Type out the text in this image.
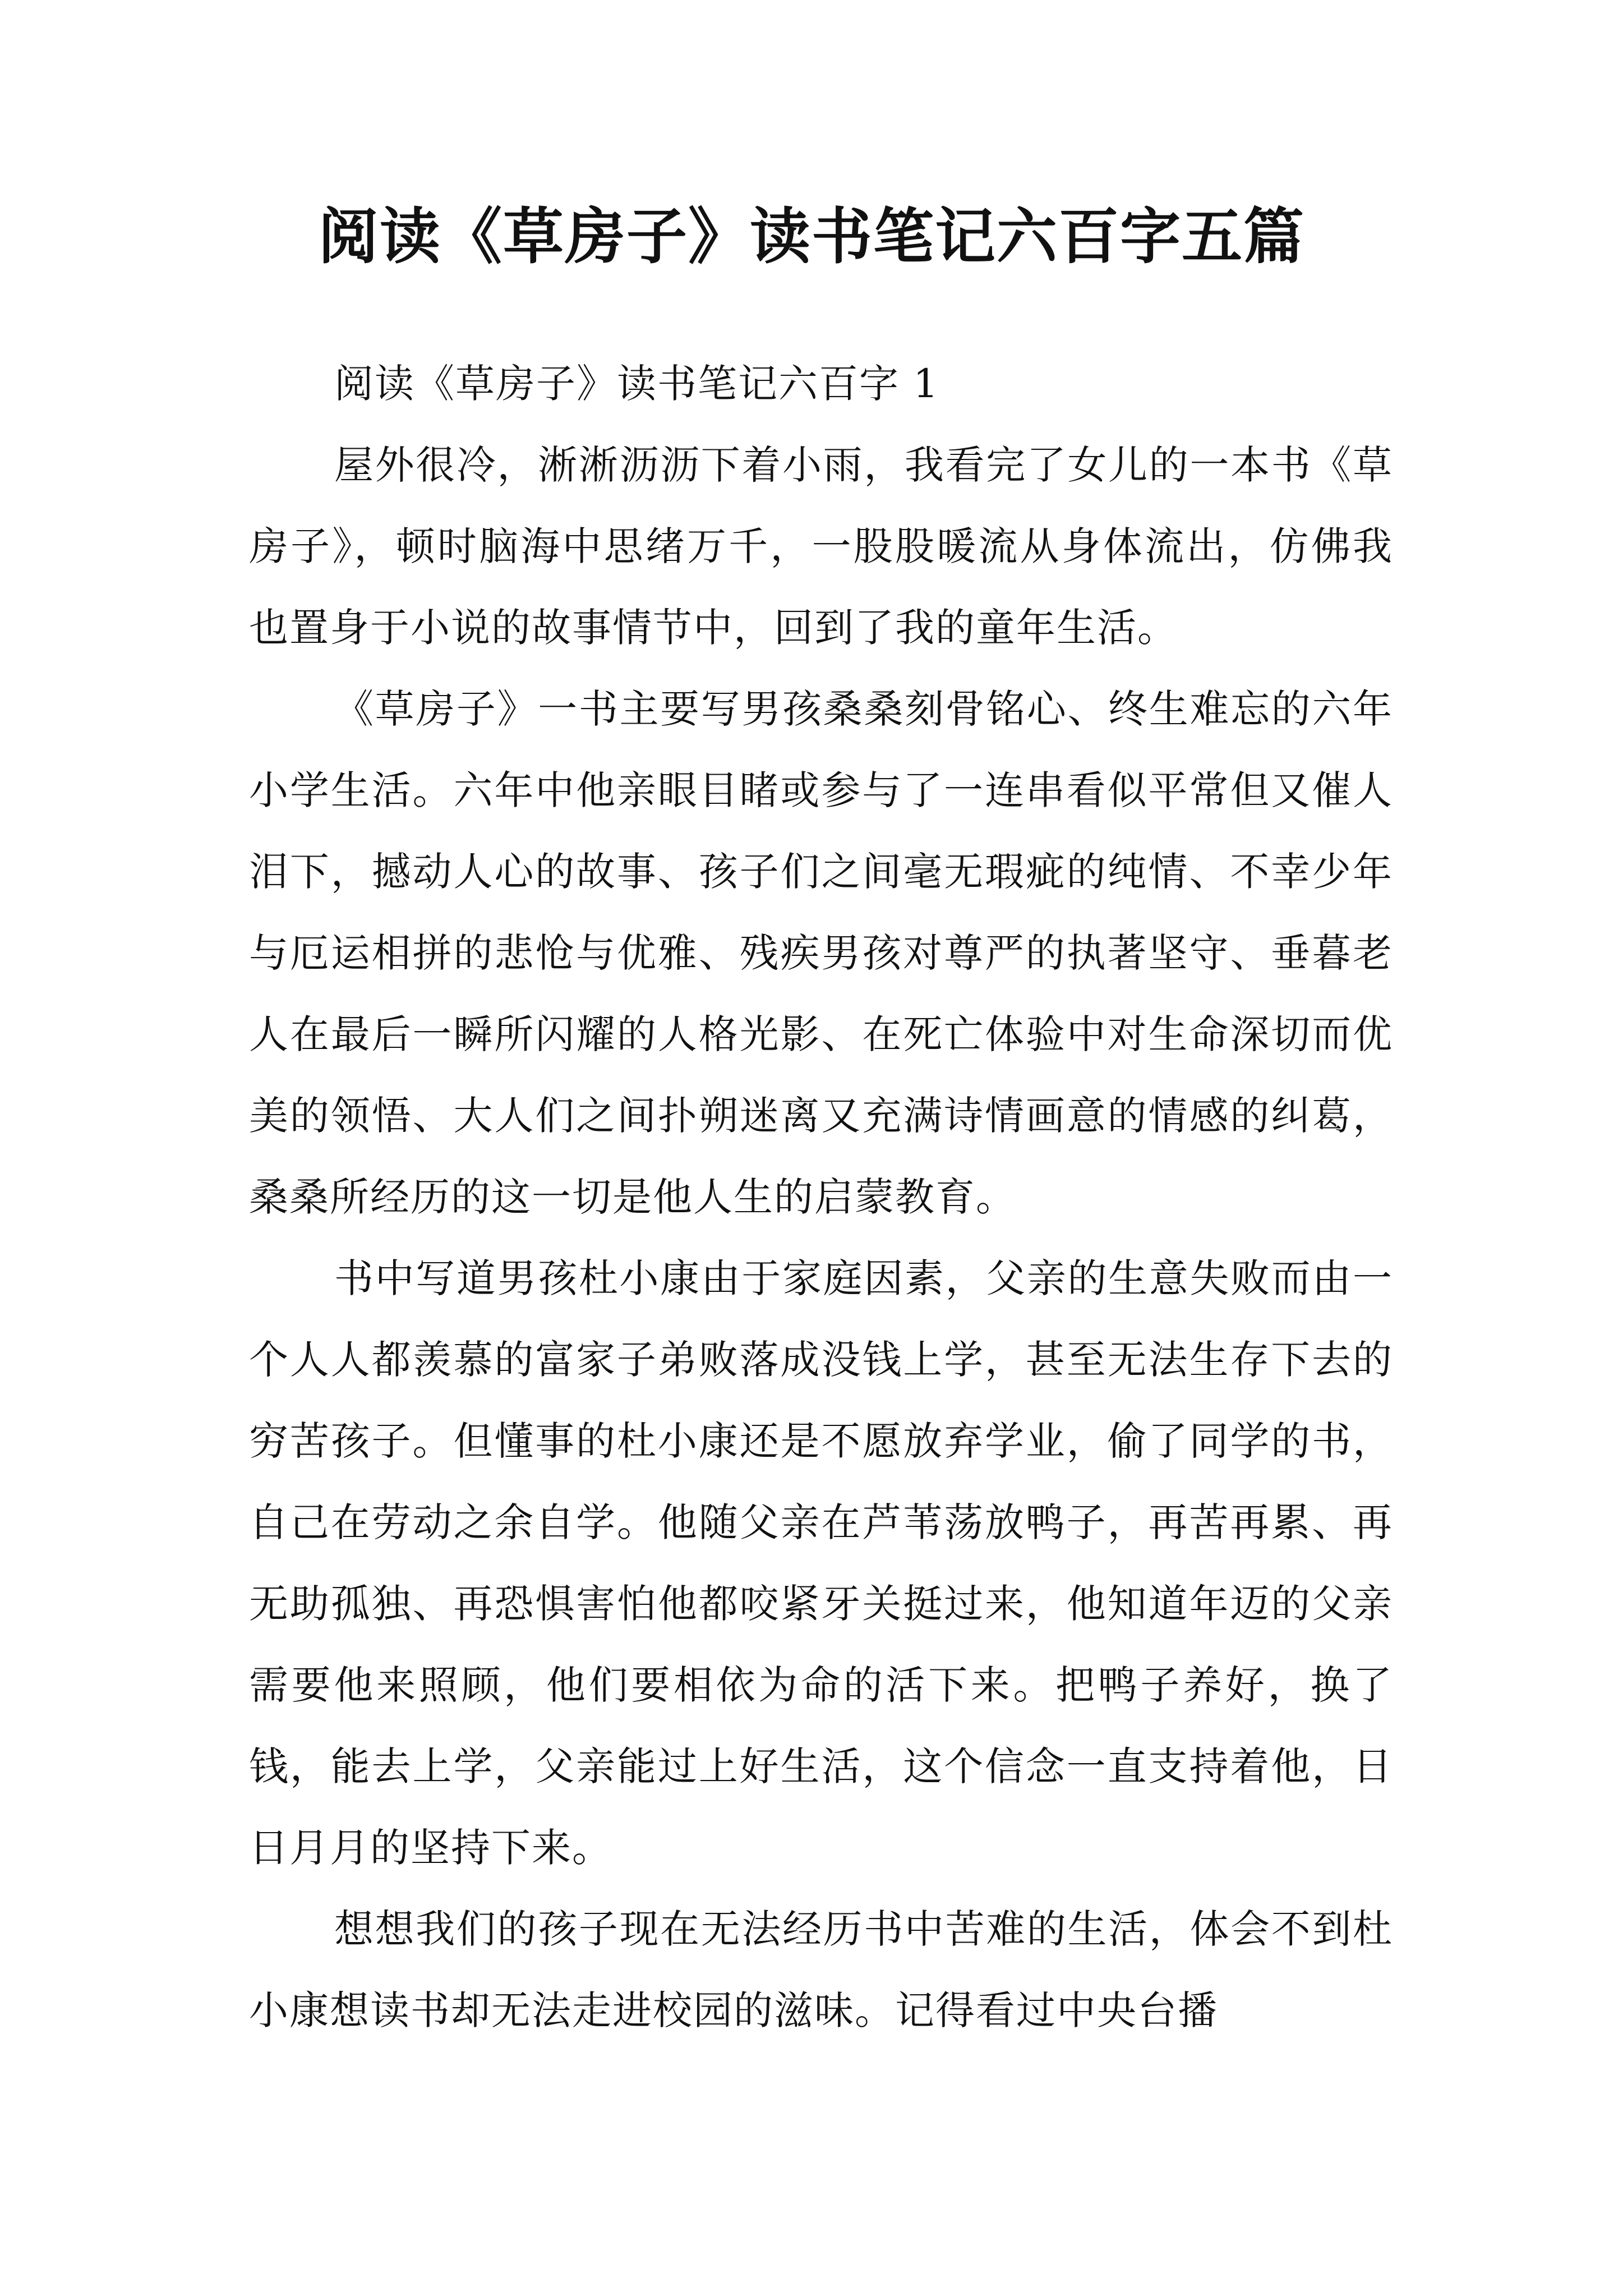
阅读《草房子》读书笔记六百字五篇

阅读《草房子》读书笔记六百字 1

屋外很冷，淅淅沥沥下着小雨，我看完了女儿的一本书《草房子》，顿时脑海中思绪万千，一股股暖流从身体流出，仿佛我也置身于小说的故事情节中，回到了我的童年生活。

《草房子》一书主要写男孩桑桑刻骨铭心、终生难忘的六年小学生活。六年中他亲眼目睹或参与了一连串看似平常但又催人泪下，撼动人心的故事、孩子们之间毫无瑕疵的纯情、不幸少年与厄运相拼的悲怆与优雅、残疾男孩对尊严的执著坚守、垂暮老人在最后一瞬所闪耀的人格光影、在死亡体验中对生命深切而优美的领悟、大人们之间扑朔迷离又充满诗情画意的情感的纠葛，桑桑所经历的这一切是他人生的启蒙教育。

书中写道男孩杜小康由于家庭因素，父亲的生意失败而由一个人人都羡慕的富家子弟败落成没钱上学，甚至无法生存下去的穷苦孩子。但懂事的杜小康还是不愿放弃学业，偷了同学的书，自己在劳动之余自学。他随父亲在芦苇荡放鸭子，再苦再累、再无助孤独、再恐惧害怕他都咬紧牙关挺过来，他知道年迈的父亲需要他来照顾，他们要相依为命的活下来。把鸭子养好，换了钱，能去上学，父亲能过上好生活，这个信念一直支持着他，日日月月的坚持下来。

想想我们的孩子现在无法经历书中苦难的生活，体会不到杜小康想读书却无法走进校园的滋味。记得看过中央台播
